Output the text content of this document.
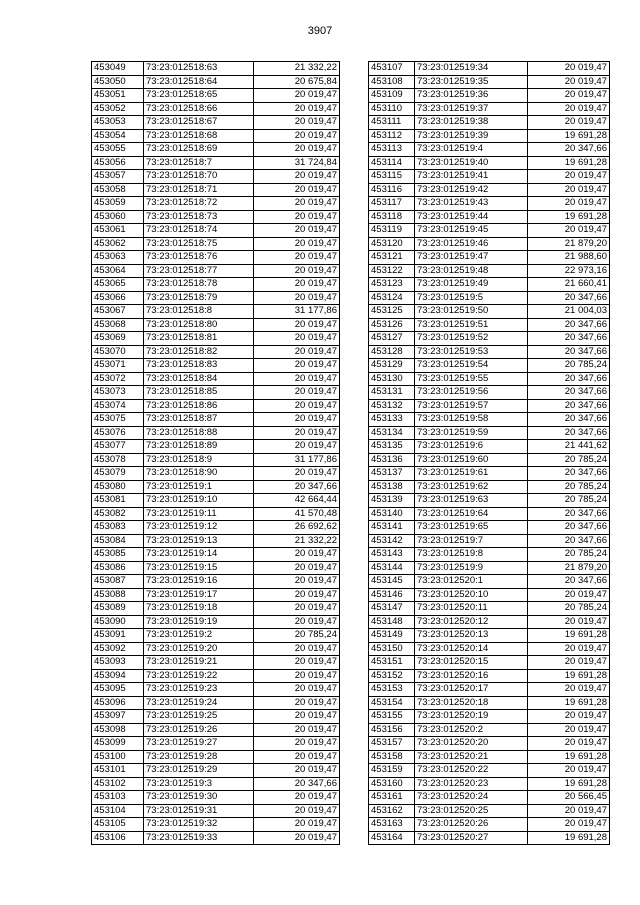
3907
453049	73:23:012518:63	21 332,22
453050	73:23:012518:64	20 675,84
453051	73:23:012518:65	20 019,47
453052	73:23:012518:66	20 019,47
453053	73:23:012518:67	20 019,47
453054	73:23:012518:68	20 019,47
453055	73:23:012518:69	20 019,47
453056	73:23:012518:7	31 724,84
453057	73:23:012518:70	20 019,47
453058	73:23:012518:71	20 019,47
453059	73:23:012518:72	20 019,47
453060	73:23:012518:73	20 019,47
453061	73:23:012518:74	20 019,47
453062	73:23:012518:75	20 019,47
453063	73:23:012518:76	20 019,47
453064	73:23:012518:77	20 019,47
453065	73:23:012518:78	20 019,47
453066	73:23:012518:79	20 019,47
453067	73:23:012518:8	31 177,86
453068	73:23:012518:80	20 019,47
453069	73:23:012518:81	20 019,47
453070	73:23:012518:82	20 019,47
453071	73:23:012518:83	20 019,47
453072	73:23:012518:84	20 019,47
453073	73:23:012518:85	20 019,47
453074	73:23:012518:86	20 019,47
453075	73:23:012518:87	20 019,47
453076	73:23:012518:88	20 019,47
453077	73:23:012518:89	20 019,47
453078	73:23:012518:9	31 177,86
453079	73:23:012518:90	20 019,47
453080	73:23:012519:1	20 347,66
453081	73:23:012519:10	42 664,44
453082	73:23:012519:11	41 570,48
453083	73:23:012519:12	26 692,62
453084	73:23:012519:13	21 332,22
453085	73:23:012519:14	20 019,47
453086	73:23:012519:15	20 019,47
453087	73:23:012519:16	20 019,47
453088	73:23:012519:17	20 019,47
453089	73:23:012519:18	20 019,47
453090	73:23:012519:19	20 019,47
453091	73:23:012519:2	20 785,24
453092	73:23:012519:20	20 019,47
453093	73:23:012519:21	20 019,47
453094	73:23:012519:22	20 019,47
453095	73:23:012519:23	20 019,47
453096	73:23:012519:24	20 019,47
453097	73:23:012519:25	20 019,47
453098	73:23:012519:26	20 019,47
453099	73:23:012519:27	20 019,47
453100	73:23:012519:28	20 019,47
453101	73:23:012519:29	20 019,47
453102	73:23:012519:3	20 347,66
453103	73:23:012519:30	20 019,47
453104	73:23:012519:31	20 019,47
453105	73:23:012519:32	20 019,47
453106	73:23:012519:33	20 019,47
453107	73:23:012519:34	20 019,47
453108	73:23:012519:35	20 019,47
453109	73:23:012519:36	20 019,47
453110	73:23:012519:37	20 019,47
453111	73:23:012519:38	20 019,47
453112	73:23:012519:39	19 691,28
453113	73:23:012519:4	20 347,66
453114	73:23:012519:40	19 691,28
453115	73:23:012519:41	20 019,47
453116	73:23:012519:42	20 019,47
453117	73:23:012519:43	20 019,47
453118	73:23:012519:44	19 691,28
453119	73:23:012519:45	20 019,47
453120	73:23:012519:46	21 879,20
453121	73:23:012519:47	21 988,60
453122	73:23:012519:48	22 973,16
453123	73:23:012519:49	21 660,41
453124	73:23:012519:5	20 347,66
453125	73:23:012519:50	21 004,03
453126	73:23:012519:51	20 347,66
453127	73:23:012519:52	20 347,66
453128	73:23:012519:53	20 347,66
453129	73:23:012519:54	20 785,24
453130	73:23:012519:55	20 347,66
453131	73:23:012519:56	20 347,66
453132	73:23:012519:57	20 347,66
453133	73:23:012519:58	20 347,66
453134	73:23:012519:59	20 347,66
453135	73:23:012519:6	21 441,62
453136	73:23:012519:60	20 785,24
453137	73:23:012519:61	20 347,66
453138	73:23:012519:62	20 785,24
453139	73:23:012519:63	20 785,24
453140	73:23:012519:64	20 347,66
453141	73:23:012519:65	20 347,66
453142	73:23:012519:7	20 347,66
453143	73:23:012519:8	20 785,24
453144	73:23:012519:9	21 879,20
453145	73:23:012520:1	20 347,66
453146	73:23:012520:10	20 019,47
453147	73:23:012520:11	20 785,24
453148	73:23:012520:12	20 019,47
453149	73:23:012520:13	19 691,28
453150	73:23:012520:14	20 019,47
453151	73:23:012520:15	20 019,47
453152	73:23:012520:16	19 691,28
453153	73:23:012520:17	20 019,47
453154	73:23:012520:18	19 691,28
453155	73:23:012520:19	20 019,47
453156	73:23:012520:2	20 019,47
453157	73:23:012520:20	20 019,47
453158	73:23:012520:21	19 691,28
453159	73:23:012520:22	20 019,47
453160	73:23:012520:23	19 691,28
453161	73:23:012520:24	20 566,45
453162	73:23:012520:25	20 019,47
453163	73:23:012520:26	20 019,47
453164	73:23:012520:27	19 691,28
